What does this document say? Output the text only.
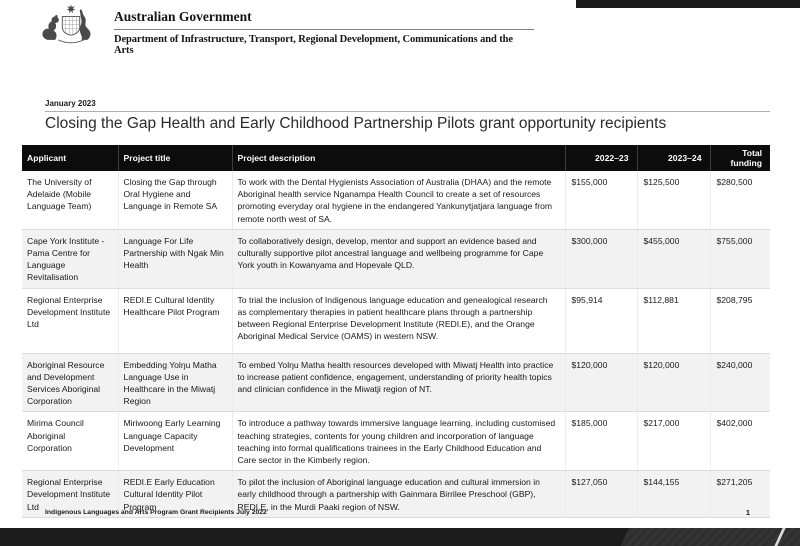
Australian Government
Department of Infrastructure, Transport, Regional Development, Communications and the Arts
January 2023
Closing the Gap Health and Early Childhood Partnership Pilots grant opportunity recipients
Applicant	Project title	Project description	2022–23	2023–24	Total funding
The University of Adelaide (Mobile Language Team)	Closing the Gap through Oral Hygiene and Language in Remote SA	To work with the Dental Hygienists Association of Australia (DHAA) and the remote Aboriginal health service Nganampa Health Council to create a set of resources promoting everyday oral hygiene in the endangered Yankunytjatjara language from remote north west of SA.	$155,000	$125,500	$280,500
Cape York Institute - Pama Centre for Language Revitalisation	Language For Life Partnership with Ngak Min Health	To collaboratively design, develop, mentor and support an evidence based and culturally supportive pilot ancestral language and wellbeing programme for Cape York youth in Kowanyama and Hopevale QLD.	$300,000	$455,000	$755,000
Regional Enterprise Development Institute Ltd	REDI.E Cultural Identity Healthcare Pilot Program	To trial the inclusion of Indigenous language education and genealogical research as complementary therapies in patient healthcare plans through a partnership between Regional Enterprise Development Institute (REDI.E), and the Orange Aboriginal Medical Service (OAMS) in western NSW.	$95,914	$112,881	$208,795
Aboriginal Resource and Development Services Aboriginal Corporation	Embedding Yolŋu Matha Language Use in Healthcare in the Miwatj Region	To embed Yolŋu Matha health resources developed with Miwatj Health into practice to increase patient confidence, engagement, understanding of priority health topics and clinician confidence in the Miwatji region of NT.	$120,000	$120,000	$240,000
Mirima Council Aboriginal Corporation	Miriwoong Early Learning Language Capacity Development	To introduce a pathway towards immersive language learning, including customised teaching strategies, contents for young children and incorporation of language teaching into formal qualifications trainees in the Early Childhood Education and Care sector in the Kimberly region.	$185,000	$217,000	$402,000
Regional Enterprise Development Institute Ltd	REDI.E Early Education Cultural Identity Pilot Program	To pilot the inclusion of Aboriginal language education and cultural immersion in early childhood through a partnership with Gainmara Birrilee Preschool (GBP), REDI.E, in the Murdi Paaki region of NSW.	$127,050	$144,155	$271,205
Indigenous Languages and Arts Program Grant Recipients July 2022	1
